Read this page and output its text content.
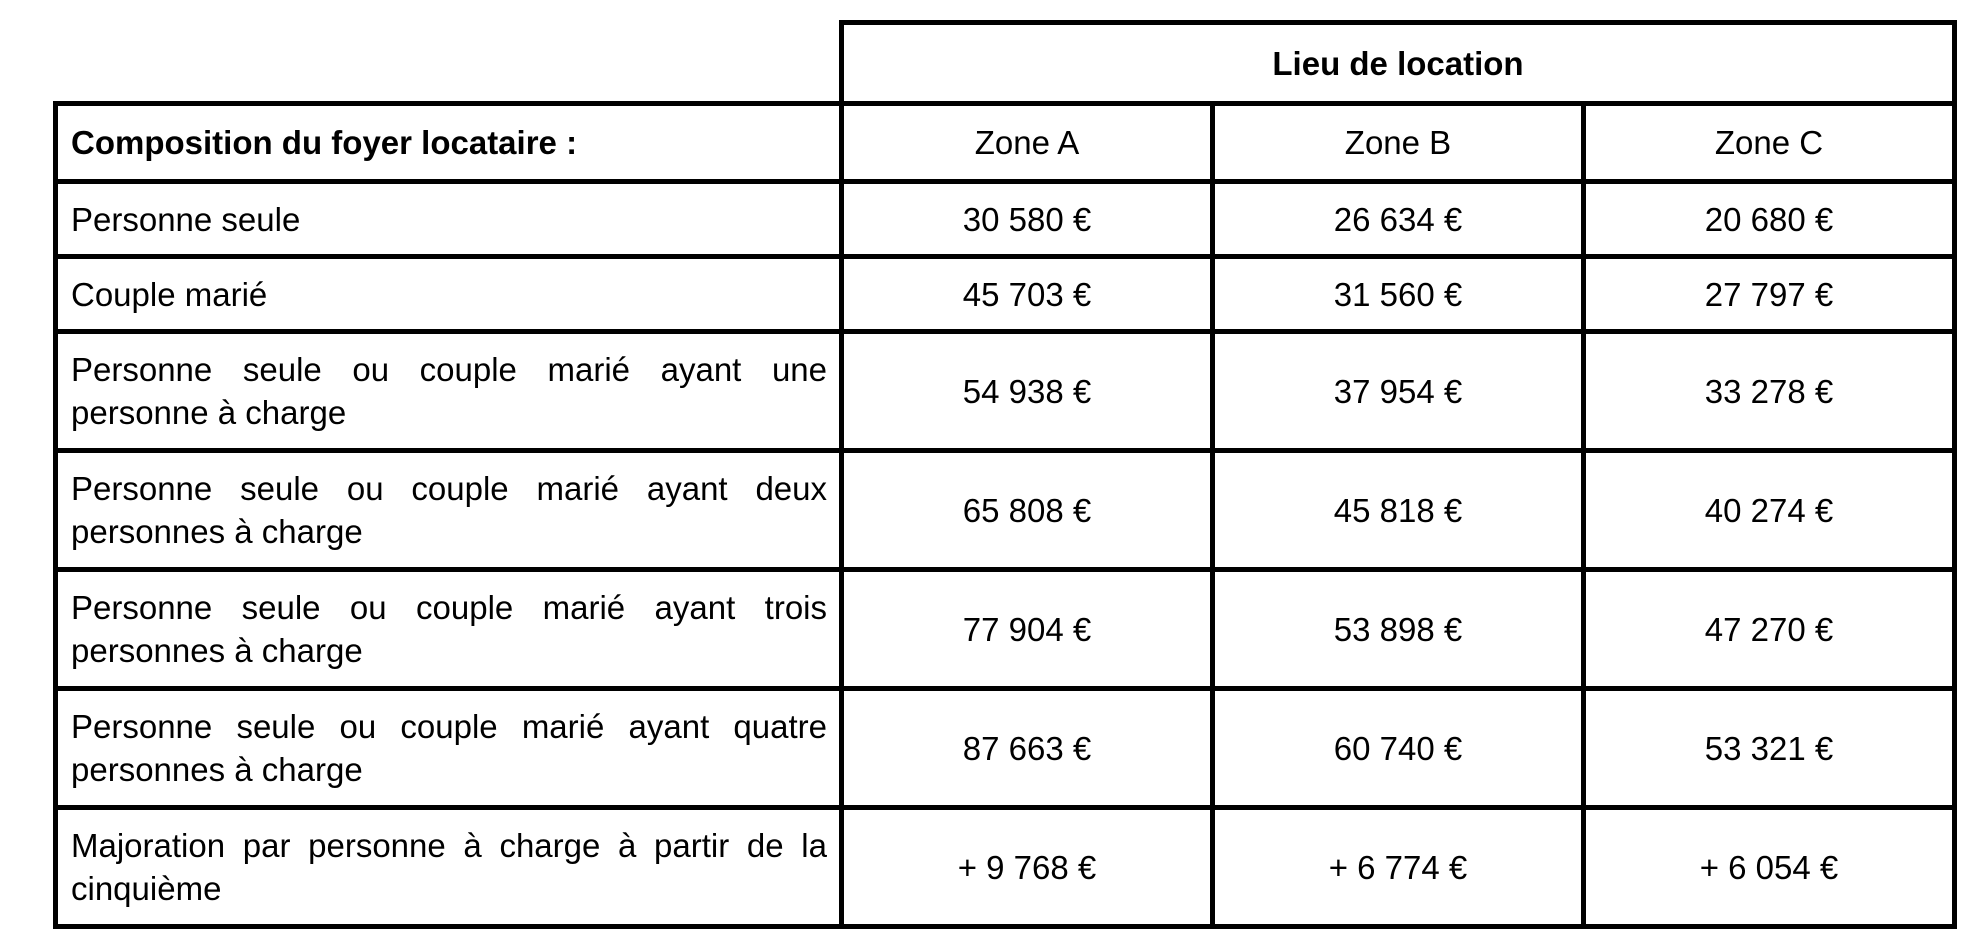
	Lieu de location		
Composition du foyer locataire :	Zone A	Zone B	Zone C
Personne seule	30 580 €	26 634 €	20 680 €
Couple marié	45 703 €	31 560 €	27 797 €
Personne seule ou couple marié ayant une personne à charge	54 938 €	37 954 €	33 278 €
Personne seule ou couple marié ayant deux personnes à charge	65 808 €	45 818 €	40 274 €
Personne seule ou couple marié ayant trois personnes à charge	77 904 €	53 898 €	47 270 €
Personne seule ou couple marié ayant quatre personnes à charge	87 663 €	60 740 €	53 321 €
Majoration par personne à charge à partir de la cinquième	+ 9 768 €	+ 6 774 €	+ 6 054 €
